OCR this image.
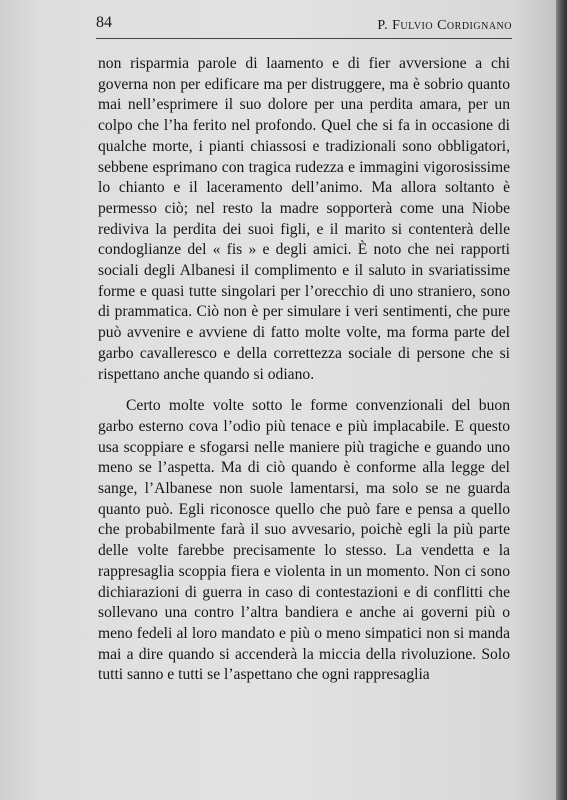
84	P. Fulvio Cordignano

non risparmia parole di laamento e di fier avversione a chi governa non per edificare ma per distruggere, ma è sobrio quanto mai nell’esprimere il suo dolore per una perdita amara, per un colpo che l’ha ferito nel profondo. Quel che si fa in occasione di qualche morte, i pianti chiassosi e tradizionali sono obbligatori, sebbene esprimano con tragica rudezza e immagini vigorosissime lo chianto e il laceramento dell’animo. Ma allora soltanto è permesso ciò; nel resto la madre sopporterà come una Niobe rediviva la perdita dei suoi figli, e il marito si contenterà delle condoglianze del « fis » e degli amici. È noto che nei rapporti sociali degli Albanesi il complimento e il saluto in svariatissime forme e quasi tutte singolari per l’orecchio di uno straniero, sono di prammatica. Ciò non è per simulare i veri sentimenti, che pure può avvenire e avviene di fatto molte volte, ma forma parte del garbo cavalleresco e della correttezza sociale di persone che si rispettano anche quando si odiano.

Certo molte volte sotto le forme convenzionali del buon garbo esterno cova l’odio più tenace e più implacabile. E questo usa scoppiare e sfogarsi nelle maniere più tragiche e guando uno meno se l’aspetta. Ma di ciò quando è conforme alla legge del sange, l’Albanese non suole lamentarsi, ma solo se ne guarda quanto può. Egli riconosce quello che può fare e pensa a quello che probabilmente farà il suo avvesario, poichè egli la più parte delle volte farebbe precisamente lo stesso. La vendetta e la rappresaglia scoppia fiera e violenta in un momento. Non ci sono dichiarazioni di guerra in caso di contestazioni e di conflitti che sollevano una contro l’altra bandiera e anche ai governi più o meno fedeli al loro mandato e più o meno simpatici non si manda mai a dire quando si accenderà la miccia della rivoluzione. Solo tutti sanno e tutti se l’aspettano che ogni rappresaglia
